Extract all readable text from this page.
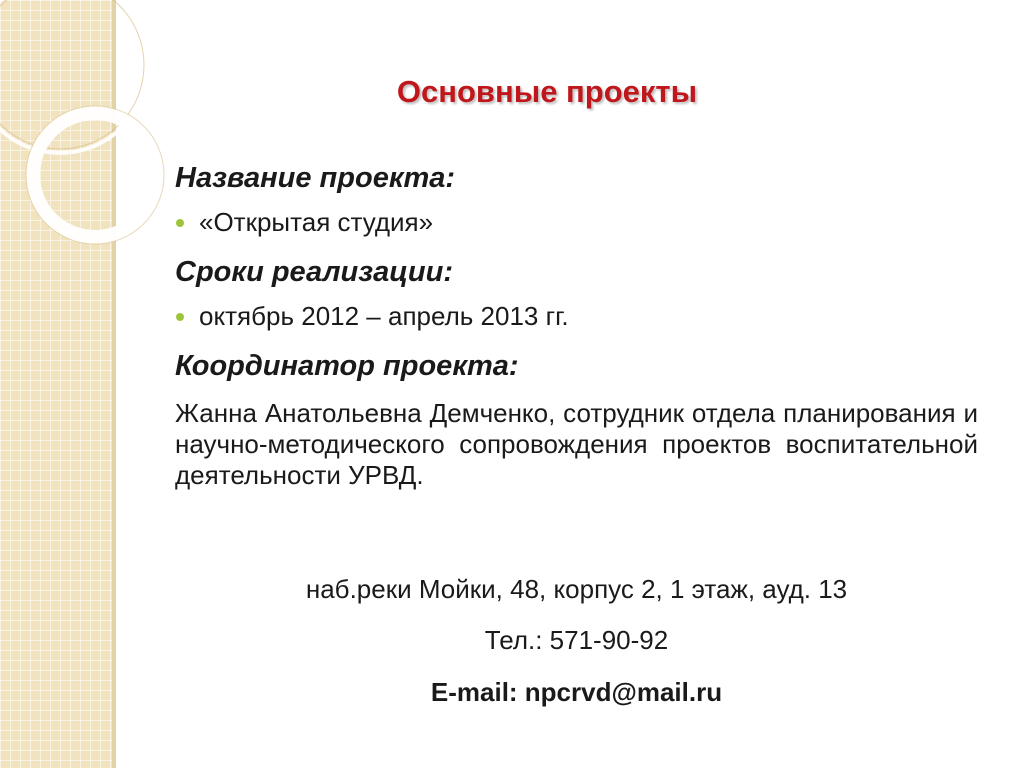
Основные проекты

Название проекта:

«Открытая студия»

Сроки реализации:

октябрь 2012 – апрель 2013 гг.

Координатор проекта:

Жанна Анатольевна Демченко, сотрудник отдела планирования и научно-методического сопровождения проектов воспитательной деятельности УРВД.

наб.реки Мойки, 48, корпус 2, 1 этаж, ауд. 13
Тел.: 571-90-92
E-mail: npcrvd@mail.ru
